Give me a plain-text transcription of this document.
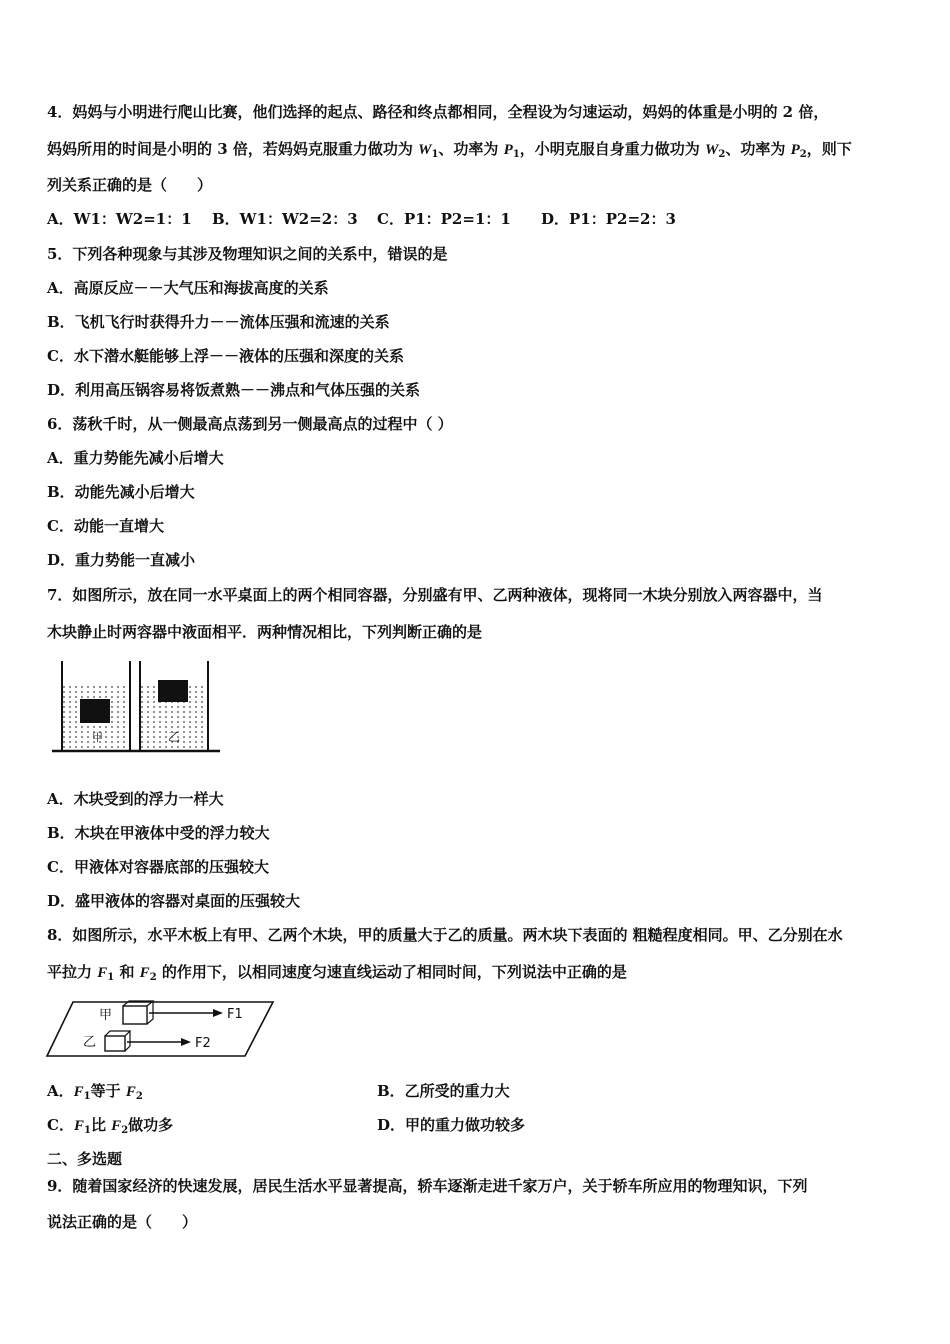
4．妈妈与小明进行爬山比赛，他们选择的起点、路径和终点都相同，全程设为匀速运动，妈妈的体重是小明的 2 倍，
妈妈所用的时间是小明的 3 倍，若妈妈克服重力做功为 $W_1$、功率为 $P_1$，小明克服自身重力做功为 $W_2$、功率为 $P_2$，则下
列关系正确的是（　　）
A．W1：W2=1：1 B．W1：W2=2：3 C．P1：P2=1：1 D．P1：P2=2：3
5．下列各种现象与其涉及物理知识之间的关系中，错误的是
A．高原反应－－大气压和海拔高度的关系
B．飞机飞行时获得升力－－流体压强和流速的关系
C．水下潜水艇能够上浮－－液体的压强和深度的关系
D．利用高压锅容易将饭煮熟－－沸点和气体压强的关系
6．荡秋千时，从一侧最高点荡到另一侧最高点的过程中（ ）
A．重力势能先减小后增大
B．动能先减小后增大
C．动能一直增大
D．重力势能一直减小
7．如图所示，放在同一水平桌面上的两个相同容器，分别盛有甲、乙两种液体，现将同一木块分别放入两容器中，当
木块静止时两容器中液面相平．两种情况相比，下列判断正确的是
甲	乙
A．木块受到的浮力一样大
B．木块在甲液体中受的浮力较大
C．甲液体对容器底部的压强较大
D．盛甲液体的容器对桌面的压强较大
8．如图所示，水平木板上有甲、乙两个木块，甲的质量大于乙的质量。两木块下表面的 粗糙程度相同。甲、乙分别在水
平拉力 $F_1$ 和 $F_2$ 的作用下，以相同速度匀速直线运动了相同时间，下列说法中正确的是
甲	F1
乙	F2
A．$F_1$等于 $F_2$	B．乙所受的重力大
C．$F_1$比 $F_2$做功多	D．甲的重力做功较多
二、多选题
9．随着国家经济的快速发展，居民生活水平显著提高，轿车逐渐走进千家万户，关于轿车所应用的物理知识，下列
说法正确的是（　　）
